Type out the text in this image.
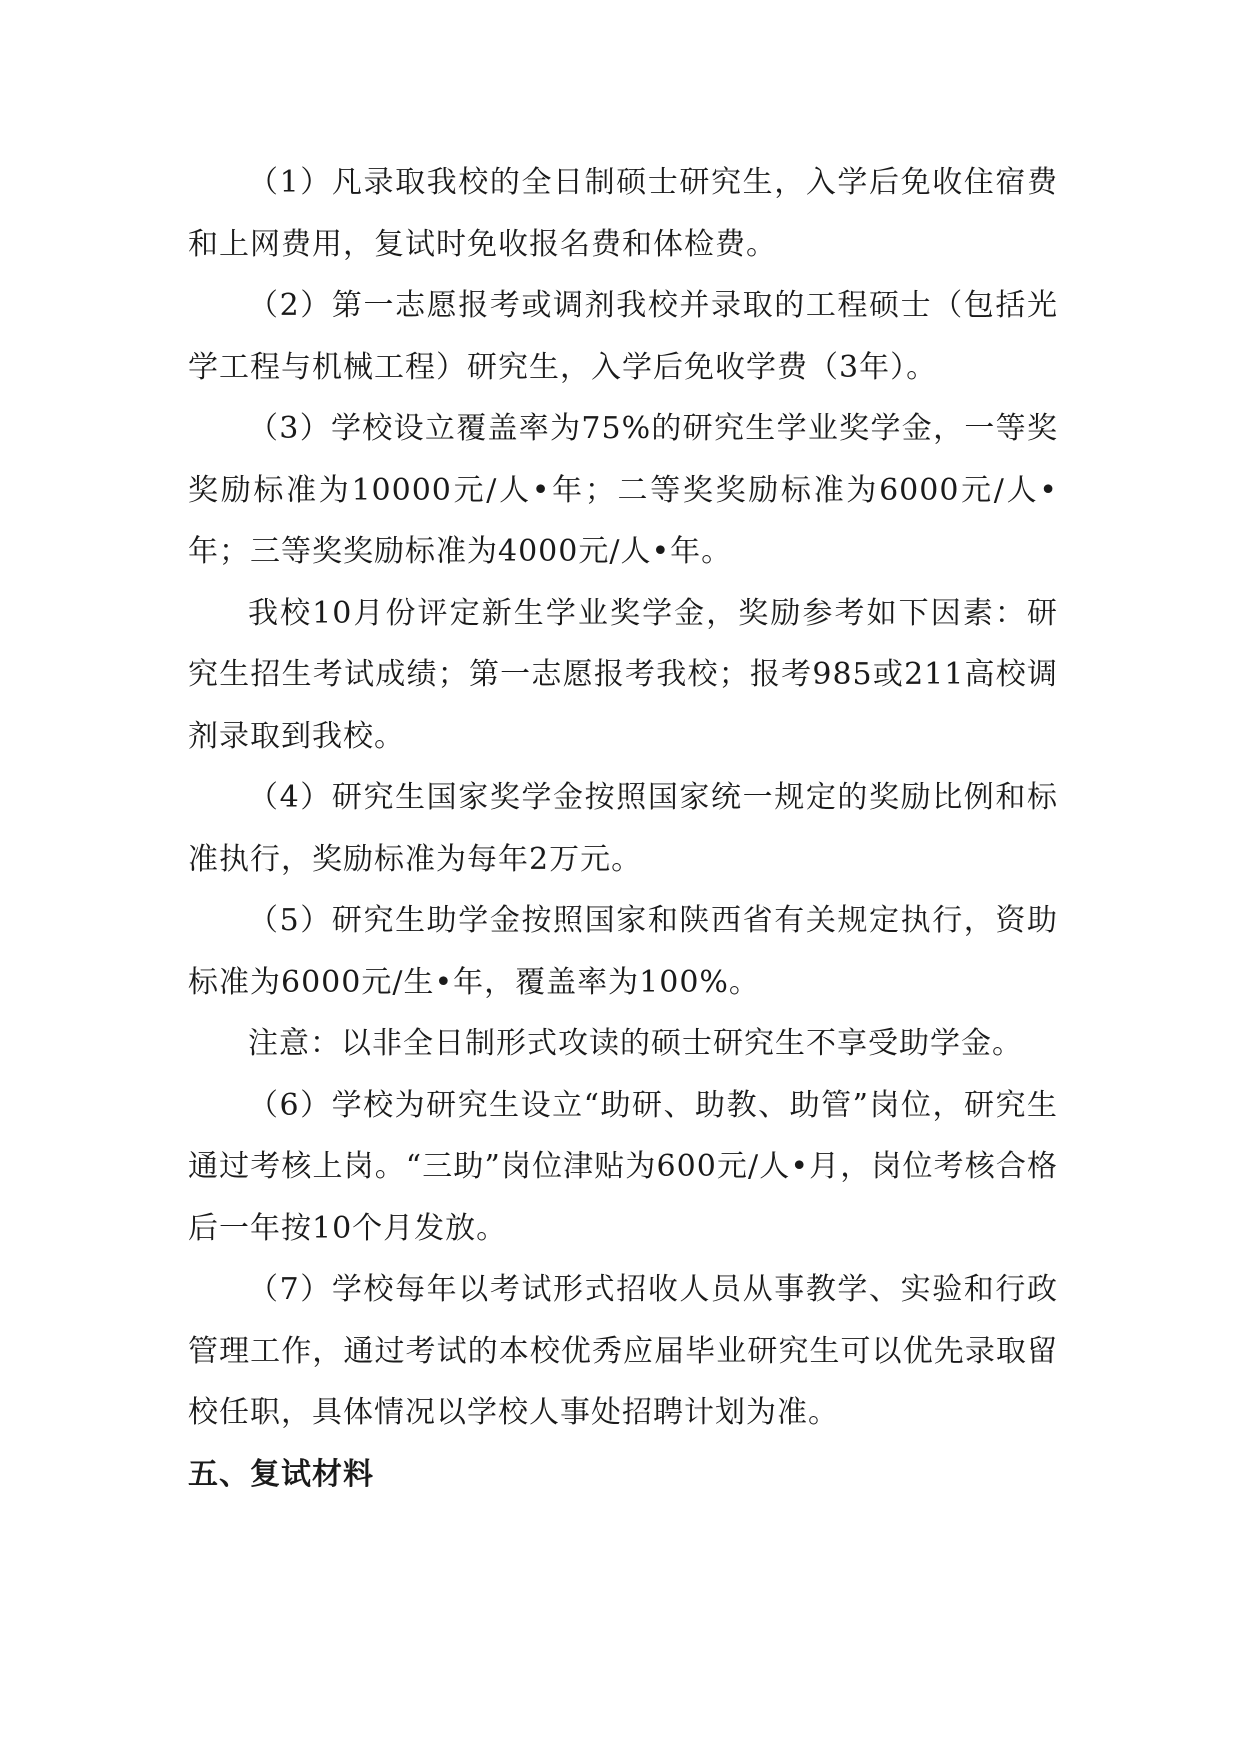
（1）凡录取我校的全日制硕士研究生，入学后免收住宿费和上网费用，复试时免收报名费和体检费。

（2）第一志愿报考或调剂我校并录取的工程硕士（包括光学工程与机械工程）研究生，入学后免收学费（3年）。

（3）学校设立覆盖率为75%的研究生学业奖学金，一等奖奖励标准为10000元/人•年；二等奖奖励标准为6000元/人•年；三等奖奖励标准为4000元/人•年。

我校10月份评定新生学业奖学金，奖励参考如下因素：研究生招生考试成绩；第一志愿报考我校；报考985或211高校调剂录取到我校。

（4）研究生国家奖学金按照国家统一规定的奖励比例和标准执行，奖励标准为每年2万元。

（5）研究生助学金按照国家和陕西省有关规定执行，资助标准为6000元/生•年，覆盖率为100%。

注意：以非全日制形式攻读的硕士研究生不享受助学金。

（6）学校为研究生设立“助研、助教、助管”岗位，研究生通过考核上岗。“三助”岗位津贴为600元/人•月，岗位考核合格后一年按10个月发放。

（7）学校每年以考试形式招收人员从事教学、实验和行政管理工作，通过考试的本校优秀应届毕业研究生可以优先录取留校任职，具体情况以学校人事处招聘计划为准。

五、复试材料
